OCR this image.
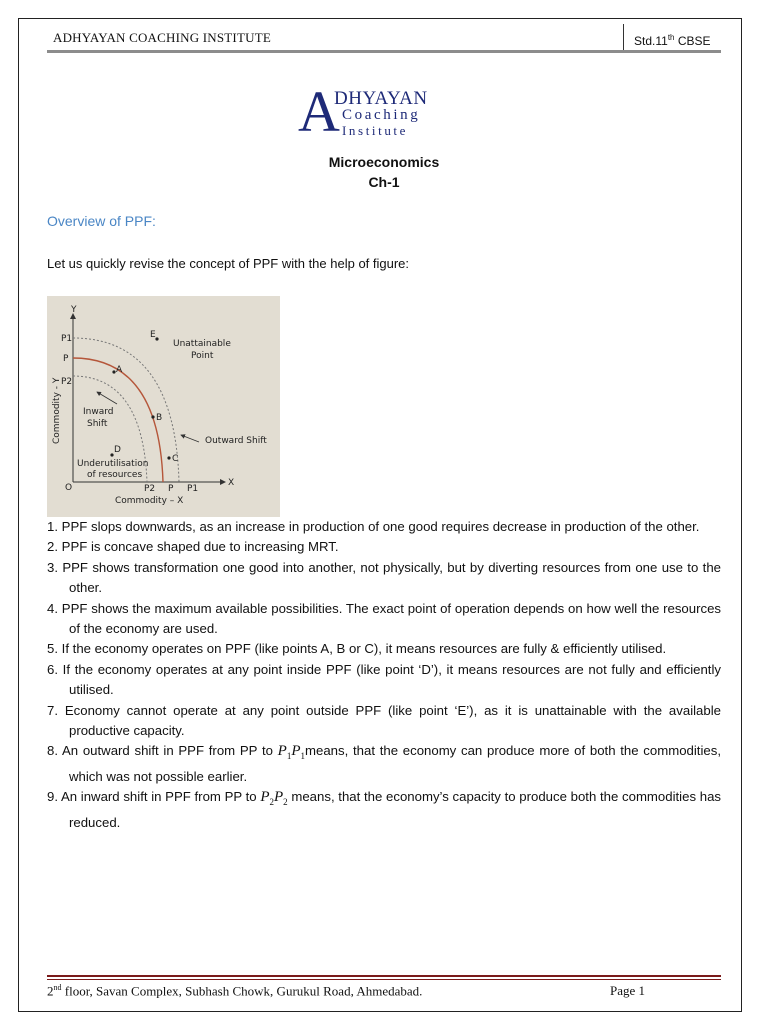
ADHYAYAN COACHING INSTITUTE	Std.11th CBSE
A
DHYAYAN
Coaching
Institute
Microeconomics
Ch-1
Overview of PPF:
Let us quickly revise the concept of PPF with the help of figure:
Y
X
O
P1
P
P2
P2 P P1
A
B
C
D
E
Unattainable
Point
Inward
Shift
Outward Shift
Underutilisation
of resources
Commodity – X
Commodity - Y
1. PPF slops downwards, as an increase in production of one good requires decrease in production of the other.
2. PPF is concave shaped due to increasing MRT.
3. PPF shows transformation one good into another, not physically, but by diverting resources from one use to the other.
4. PPF shows the maximum available possibilities. The exact point of operation depends on how well the resources of the economy are used.
5. If the economy operates on PPF (like points A, B or C), it means resources are fully & efficiently utilised.
6. If the economy operates at any point inside PPF (like point ‘D’), it means resources are not fully and efficiently utilised.
7. Economy cannot operate at any point outside PPF (like point ‘E’), as it is unattainable with the available productive capacity.
8. An outward shift in PPF from PP to $P_1P_1means$, that the economy can produce more of both the commodities, which was not possible earlier.
9. An inward shift in PPF from PP to $P_2P_2$ means, that the economy’s capacity to produce both the commodities has reduced.
2nd floor, Savan Complex, Subhash Chowk, Gurukul Road, Ahmedabad.	Page 1
